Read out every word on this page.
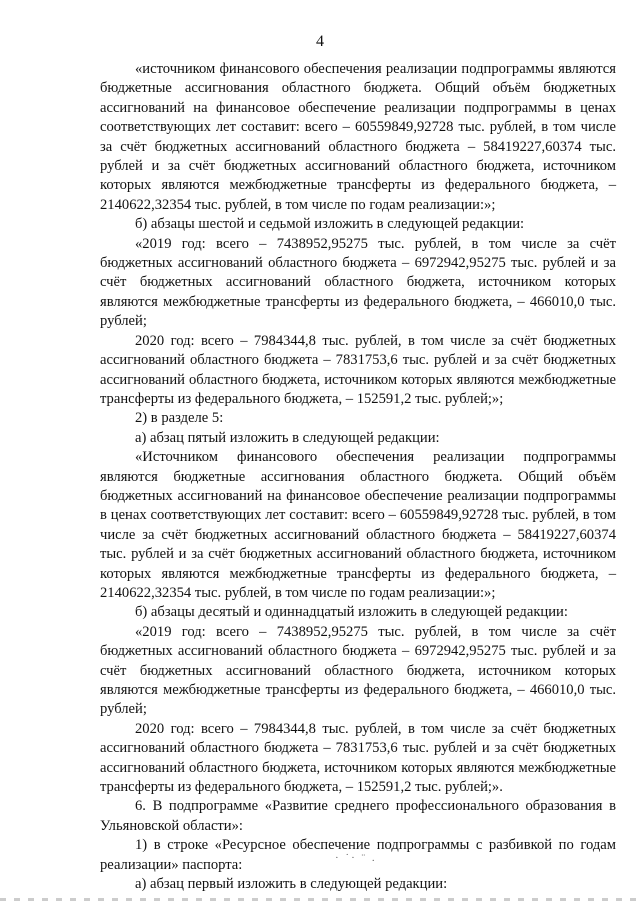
4

«источником финансового обеспечения реализации подпрограммы являются бюджетные ассигнования областного бюджета. Общий объём бюджетных ассигнований на финансовое обеспечение реализации подпрограммы в ценах соответствующих лет составит: всего – 60559849,92728 тыс. рублей, в том числе за счёт бюджетных ассигнований областного бюджета – 58419227,60374 тыс. рублей и за счёт бюджетных ассигнований областного бюджета, источником которых являются межбюджетные трансферты из федерального бюджета, – 2140622,32354 тыс. рублей, в том числе по годам реализации:»;

б) абзацы шестой и седьмой изложить в следующей редакции:

«2019 год: всего – 7438952,95275 тыс. рублей, в том числе за счёт бюджетных ассигнований областного бюджета – 6972942,95275 тыс. рублей и за счёт бюджетных ассигнований областного бюджета, источником которых являются межбюджетные трансферты из федерального бюджета, – 466010,0 тыс. рублей;

2020 год: всего – 7984344,8 тыс. рублей, в том числе за счёт бюджетных ассигнований областного бюджета – 7831753,6 тыс. рублей и за счёт бюджетных ассигнований областного бюджета, источником которых являются межбюджетные трансферты из федерального бюджета, – 152591,2 тыс. рублей;»;

2) в разделе 5:

а) абзац пятый изложить в следующей редакции:

«Источником финансового обеспечения реализации подпрограммы являются бюджетные ассигнования областного бюджета. Общий объём бюджетных ассигнований на финансовое обеспечение реализации подпрограммы в ценах соответствующих лет составит: всего – 60559849,92728 тыс. рублей, в том числе за счёт бюджетных ассигнований областного бюджета – 58419227,60374 тыс. рублей и за счёт бюджетных ассигнований областного бюджета, источником которых являются межбюджетные трансферты из федерального бюджета, – 2140622,32354 тыс. рублей, в том числе по годам реализации:»;

б) абзацы десятый и одиннадцатый изложить в следующей редакции:

«2019 год: всего – 7438952,95275 тыс. рублей, в том числе за счёт бюджетных ассигнований областного бюджета – 6972942,95275 тыс. рублей и за счёт бюджетных ассигнований областного бюджета, источником которых являются межбюджетные трансферты из федерального бюджета, – 466010,0 тыс. рублей;

2020 год: всего – 7984344,8 тыс. рублей, в том числе за счёт бюджетных ассигнований областного бюджета – 7831753,6 тыс. рублей и за счёт бюджетных ассигнований областного бюджета, источником которых являются межбюджетные трансферты из федерального бюджета, – 152591,2 тыс. рублей;».

6. В подпрограмме «Развитие среднего профессионального образования в Ульяновской области»:

1) в строке «Ресурсное обеспечение подпрограммы с разбивкой по годам реализации» паспорта:

а) абзац первый изложить в следующей редакции:

· ˙· ¨ .
